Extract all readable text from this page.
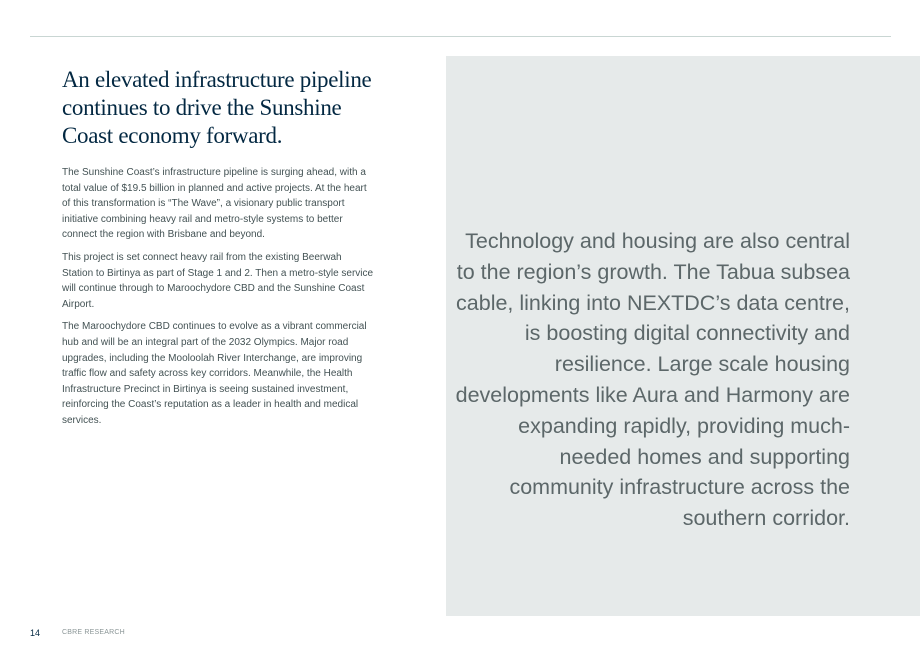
An elevated infrastructure pipeline continues to drive the Sunshine Coast economy forward.

The Sunshine Coast’s infrastructure pipeline is surging ahead, with a total value of $19.5 billion in planned and active projects. At the heart of this transformation is “The Wave”, a visionary public transport initiative combining heavy rail and metro-style systems to better connect the region with Brisbane and beyond.

This project is set connect heavy rail from the existing Beerwah Station to Birtinya as part of Stage 1 and 2. Then a metro-style service will continue through to Maroochydore CBD and the Sunshine Coast Airport.

The Maroochydore CBD continues to evolve as a vibrant commercial hub and will be an integral part of the 2032 Olympics. Major road upgrades, including the Mooloolah River Interchange, are improving traffic flow and safety across key corridors. Meanwhile, the Health Infrastructure Precinct in Birtinya is seeing sustained investment, reinforcing the Coast’s reputation as a leader in health and medical services.

Technology and housing are also central to the region’s growth. The Tabua subsea cable, linking into NEXTDC’s data centre, is boosting digital connectivity and resilience. Large scale housing developments like Aura and Harmony are expanding rapidly, providing much-needed homes and supporting community infrastructure across the southern corridor.

14	CBRE RESEARCH
